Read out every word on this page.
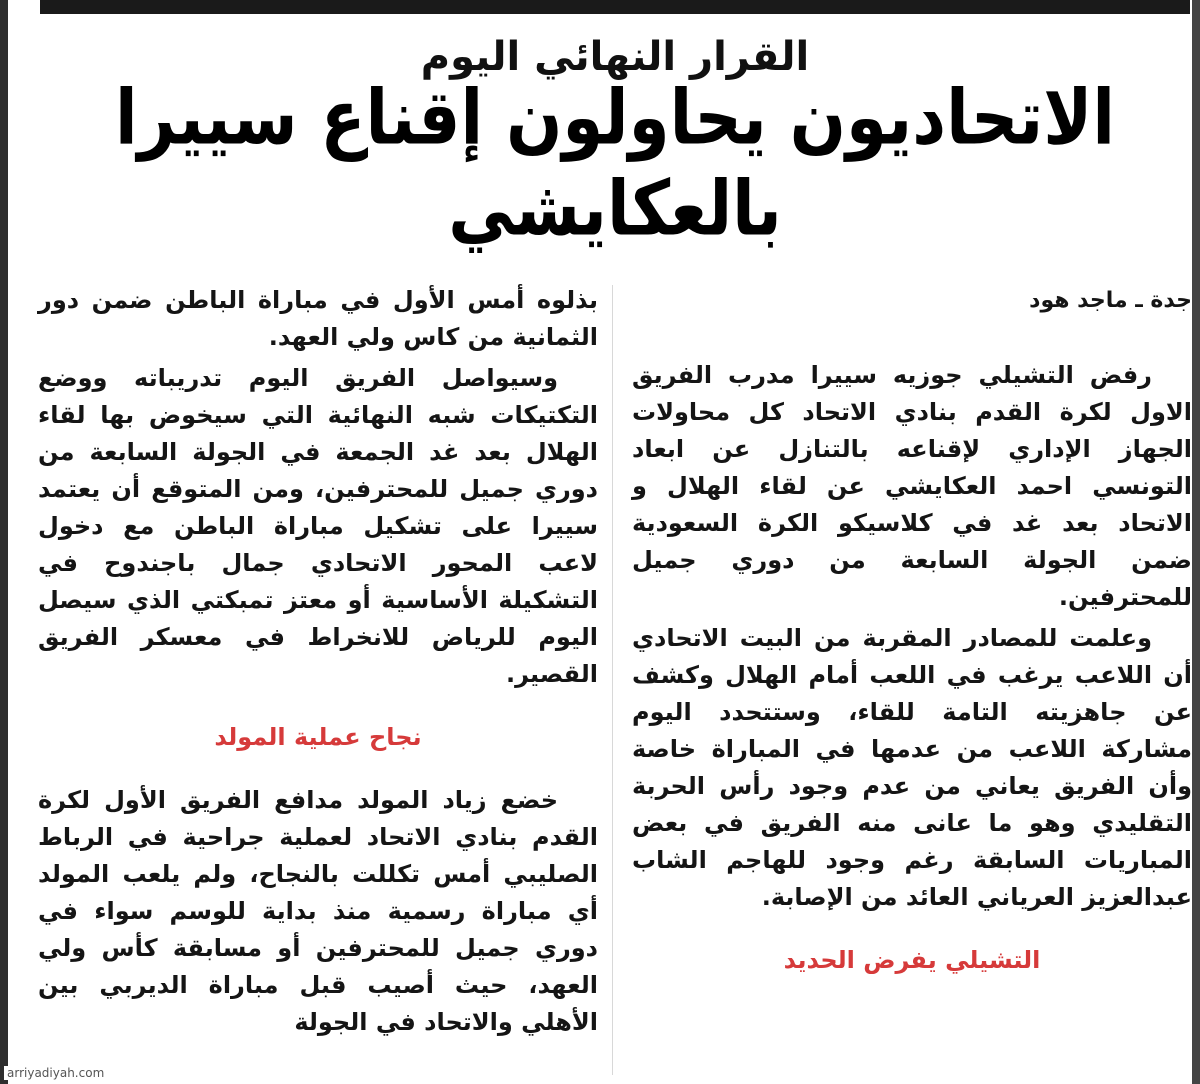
القرار النهائي اليوم
الاتحاديون يحاولون إقناع سييرا بالعكايشي

جدة ـ ماجد هود

رفض التشيلي جوزيه سييرا مدرب الفريق الاول لكرة القدم بنادي الاتحاد كل محاولات الجهاز الإداري لإقناعه بالتنازل عن ابعاد التونسي احمد العكايشي عن لقاء الهلال و الاتحاد بعد غد في كلاسيكو الكرة السعودية ضمن الجولة السابعة من دوري جميل للمحترفين.

وعلمت للمصادر المقربة من البيت الاتحادي أن اللاعب يرغب في اللعب أمام الهلال وكشف عن جاهزيته التامة للقاء، وستتحدد اليوم مشاركة اللاعب من عدمها في المباراة خاصة وأن الفريق يعاني من عدم وجود رأس الحربة التقليدي وهو ما عانى منه الفريق في بعض المباريات السابقة رغم وجود للهاجم الشاب عبدالعزيز العرياني العائد من الإصابة.

التشيلي يفرض الحديد

بذلوه أمس الأول في مباراة الباطن ضمن دور الثمانية من كاس ولي العهد.

وسيواصل الفريق اليوم تدريباته ووضع التكتيكات شبه النهائية التي سيخوض بها لقاء الهلال بعد غد الجمعة في الجولة السابعة من دوري جميل للمحترفين، ومن المتوقع أن يعتمد سييرا على تشكيل مباراة الباطن مع دخول لاعب المحور الاتحادي جمال باجندوح في التشكيلة الأساسية أو معتز تمبكتي الذي سيصل اليوم للرياض للانخراط في معسكر الفريق القصير.

نجاح عملية المولد

خضع زياد المولد مدافع الفريق الأول لكرة القدم بنادي الاتحاد لعملية جراحية في الرباط الصليبي أمس تكللت بالنجاح، ولم يلعب المولد أي مباراة رسمية منذ بداية للوسم سواء في دوري جميل للمحترفين أو مسابقة كأس ولي العهد، حيث أصيب قبل مباراة الديربي بين الأهلي والاتحاد في الجولة

arriyadiyah.com
